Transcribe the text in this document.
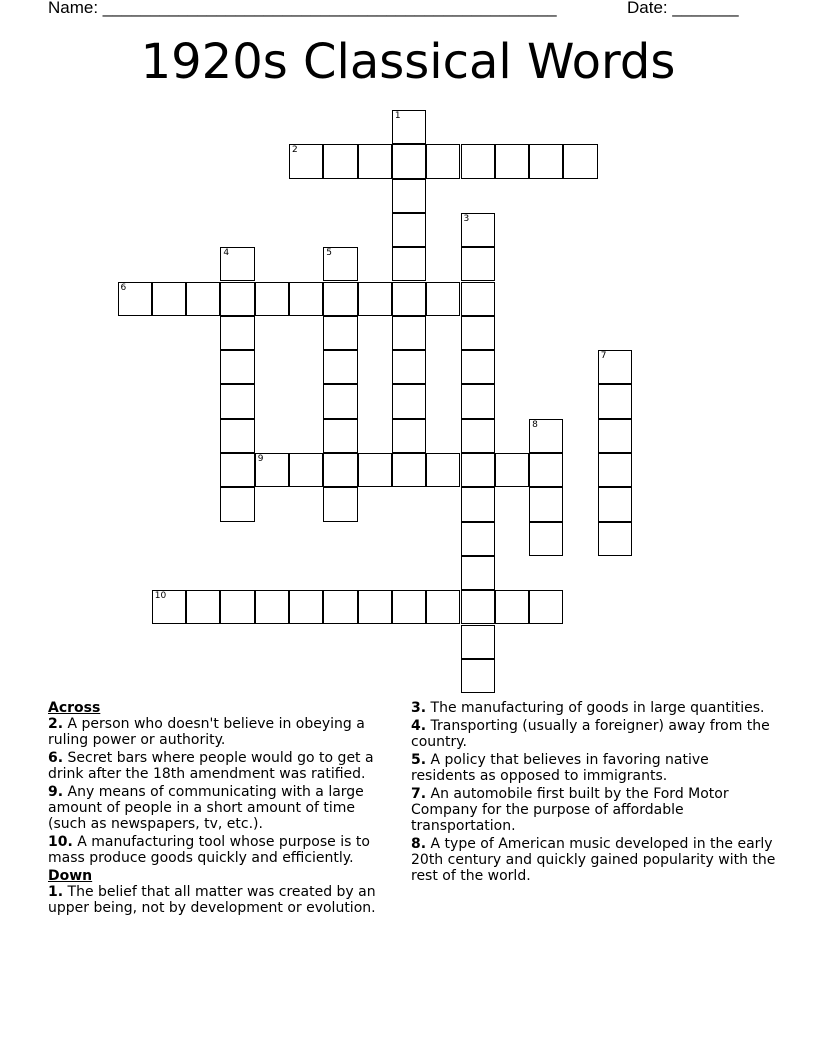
Name: ________________________________________________	Date: _______
1920s Classical Words
1
2
3
4	5
6
7
8
9
10
Across
2. A person who doesn't believe in obeying a ruling power or authority.
6. Secret bars where people would go to get a drink after the 18th amendment was ratified.
9. Any means of communicating with a large amount of people in a short amount of time (such as newspapers, tv, etc.).
10. A manufacturing tool whose purpose is to mass produce goods quickly and efficiently.
Down
1. The belief that all matter was created by an upper being, not by development or evolution.
3. The manufacturing of goods in large quantities.
4. Transporting (usually a foreigner) away from the country.
5. A policy that believes in favoring native residents as opposed to immigrants.
7. An automobile first built by the Ford Motor Company for the purpose of affordable transportation.
8. A type of American music developed in the early 20th century and quickly gained popularity with the rest of the world.
